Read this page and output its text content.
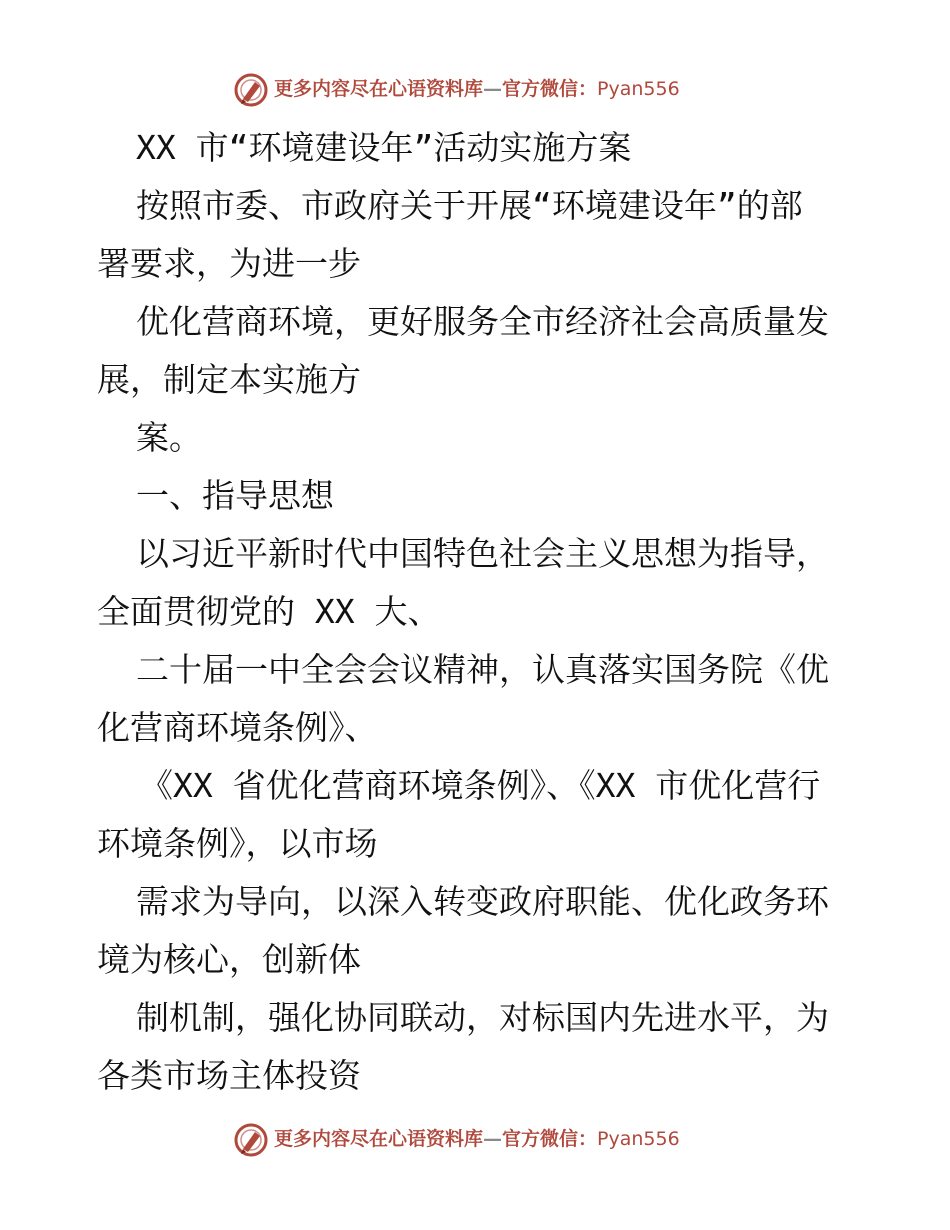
更多内容尽在心语资料库—官方微信：Pyan556
XX 市“环境建设年”活动实施方案
按照市委、市政府关于开展“环境建设年”的部
署要求，为进一步
优化营商环境，更好服务全市经济社会高质量发
展，制定本实施方
案。
一、指导思想
以习近平新时代中国特色社会主义思想为指导，
全面贯彻党的 XX 大、
二十届一中全会会议精神，认真落实国务院《优
化营商环境条例》、
《XX 省优化营商环境条例》、《XX 市优化营行
环境条例》，以市场
需求为导向，以深入转变政府职能、优化政务环
境为核心，创新体
制机制，强化协同联动，对标国内先进水平，为
各类市场主体投资
更多内容尽在心语资料库—官方微信：Pyan556
